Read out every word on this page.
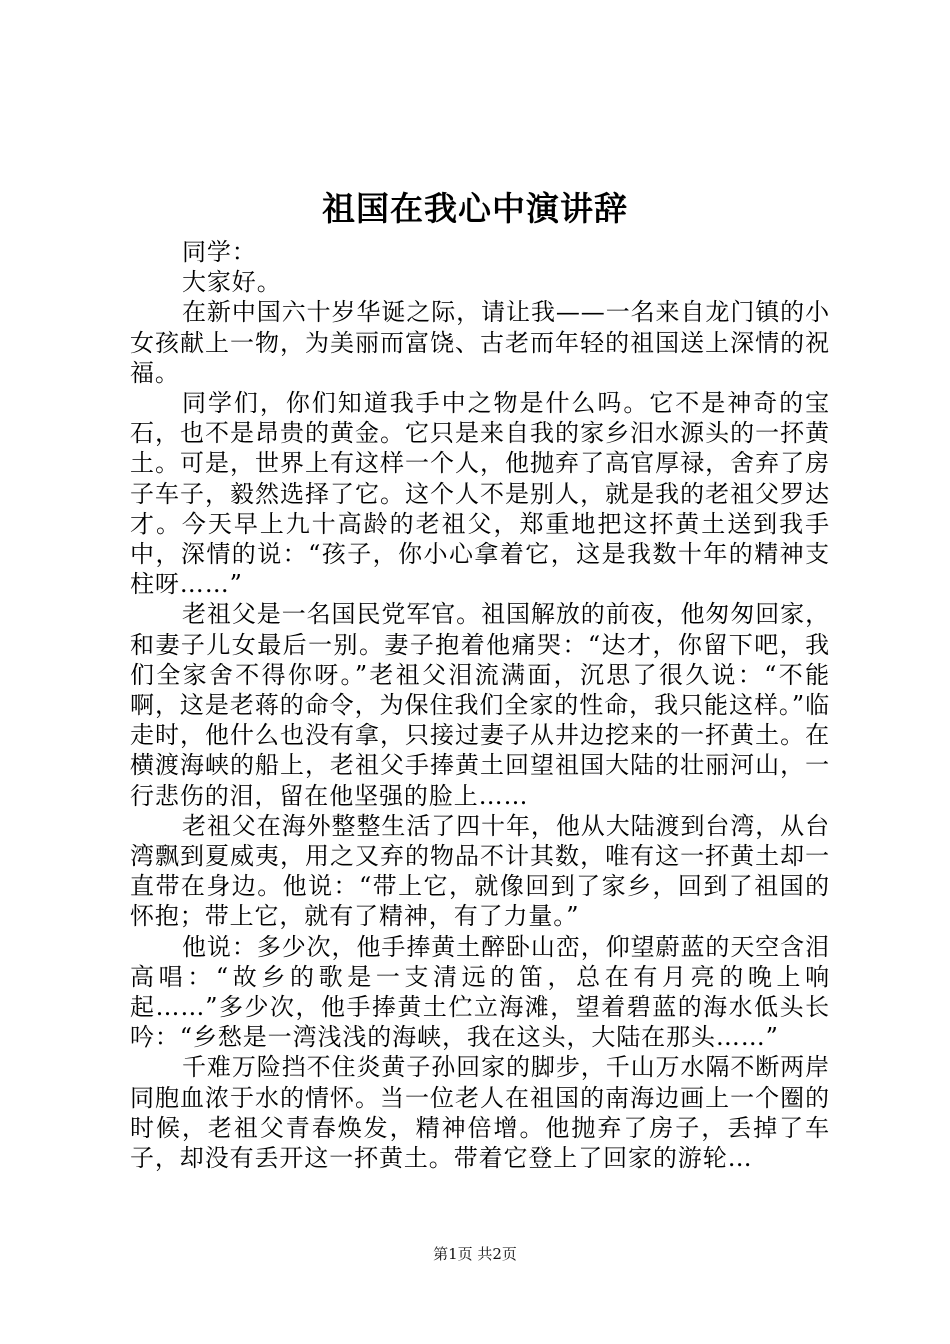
祖国在我心中演讲辞

同学：

大家好。

在新中国六十岁华诞之际，请让我——一名来自龙门镇的小女孩献上一物，为美丽而富饶、古老而年轻的祖国送上深情的祝福。

同学们，你们知道我手中之物是什么吗。它不是神奇的宝石，也不是昂贵的黄金。它只是来自我的家乡汨水源头的一抔黄土。可是，世界上有这样一个人，他抛弃了高官厚禄，舍弃了房子车子，毅然选择了它。这个人不是别人，就是我的老祖父罗达才。今天早上九十高龄的老祖父，郑重地把这抔黄土送到我手中，深情的说：“孩子，你小心拿着它，这是我数十年的精神支柱呀……”

老祖父是一名国民党军官。祖国解放的前夜，他匆匆回家，和妻子儿女最后一别。妻子抱着他痛哭：“达才，你留下吧，我们全家舍不得你呀。”老祖父泪流满面，沉思了很久说：“不能啊，这是老蒋的命令，为保住我们全家的性命，我只能这样。”临走时，他什么也没有拿，只接过妻子从井边挖来的一抔黄土。在横渡海峡的船上，老祖父手捧黄土回望祖国大陆的壮丽河山，一行悲伤的泪，留在他坚强的脸上……

老祖父在海外整整生活了四十年，他从大陆渡到台湾，从台湾飘到夏威夷，用之又弃的物品不计其数，唯有这一抔黄土却一直带在身边。他说：“带上它，就像回到了家乡，回到了祖国的怀抱；带上它，就有了精神，有了力量。”

他说：多少次，他手捧黄土醉卧山峦，仰望蔚蓝的天空含泪高唱：“故乡的歌是一支清远的笛，总在有月亮的晚上响起……”多少次，他手捧黄土伫立海滩，望着碧蓝的海水低头长吟：“乡愁是一湾浅浅的海峡，我在这头，大陆在那头……”

千难万险挡不住炎黄子孙回家的脚步，千山万水隔不断两岸同胞血浓于水的情怀。当一位老人在祖国的南海边画上一个圈的时候，老祖父青春焕发，精神倍增。他抛弃了房子，丢掉了车子，却没有丢开这一抔黄土。带着它登上了回家的游轮…

第1页 共2页
